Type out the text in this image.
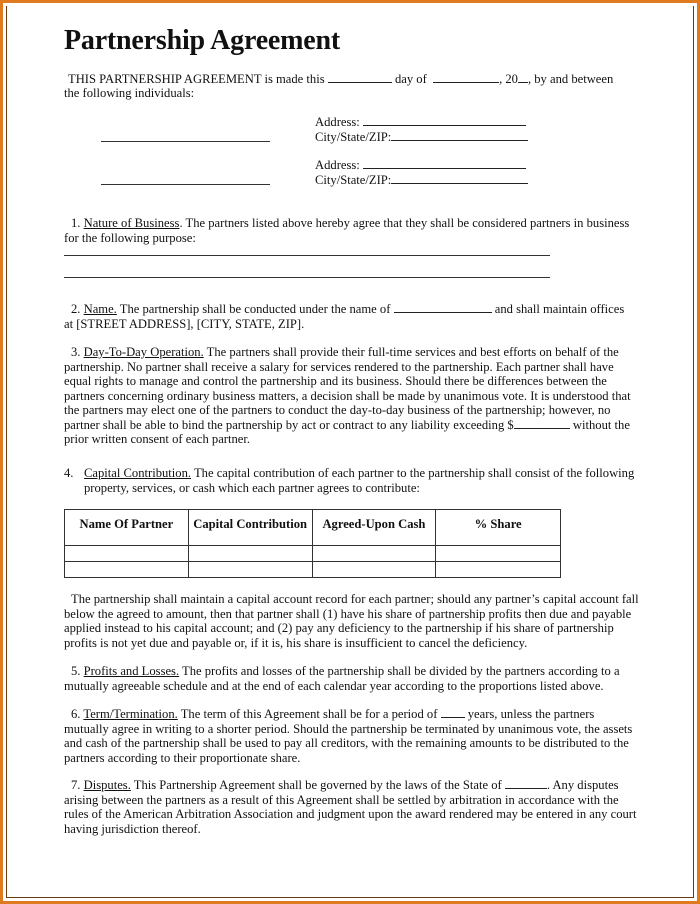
Partnership Agreement
THIS PARTNERSHIP AGREEMENT is made this	day of	, 20 , by and between
the following individuals:
Address:
City/State/ZIP:
Address:
City/State/ZIP:
1. Nature of Business. The partners listed above hereby agree that they shall be considered partners in business
for the following purpose:
2. Name. The partnership shall be conducted under the name of	and shall maintain offices
at [STREET ADDRESS], [CITY, STATE, ZIP].
3. Day-To-Day Operation. The partners shall provide their full-time services and best efforts on behalf of the
partnership. No partner shall receive a salary for services rendered to the partnership. Each partner shall have
equal rights to manage and control the partnership and its business. Should there be differences between the
partners concerning ordinary business matters, a decision shall be made by unanimous vote. It is understood that
the partners may elect one of the partners to conduct the day-to-day business of the partnership; however, no
partner shall be able to bind the partnership by act or contract to any liability exceeding $	without the
prior written consent of each partner.
4. Capital Contribution. The capital contribution of each partner to the partnership shall consist of the following
property, services, or cash which each partner agrees to contribute:
Name Of Partner	Capital Contribution	Agreed-Upon Cash	% Share

The partnership shall maintain a capital account record for each partner; should any partner’s capital account fall
below the agreed to amount, then that partner shall (1) have his share of partnership profits then due and payable
applied instead to his capital account; and (2) pay any deficiency to the partnership if his share of partnership
profits is not yet due and payable or, if it is, his share is insufficient to cancel the deficiency.
5. Profits and Losses. The profits and losses of the partnership shall be divided by the partners according to a
mutually agreeable schedule and at the end of each calendar year according to the proportions listed above.
6. Term/Termination. The term of this Agreement shall be for a period of years, unless the partners
mutually agree in writing to a shorter period. Should the partnership be terminated by unanimous vote, the assets
and cash of the partnership shall be used to pay all creditors, with the remaining amounts to be distributed to the
partners according to their proportionate share.
7. Disputes. This Partnership Agreement shall be governed by the laws of the State of	. Any disputes
arising between the partners as a result of this Agreement shall be settled by arbitration in accordance with the
rules of the American Arbitration Association and judgment upon the award rendered may be entered in any court
having jurisdiction thereof.
